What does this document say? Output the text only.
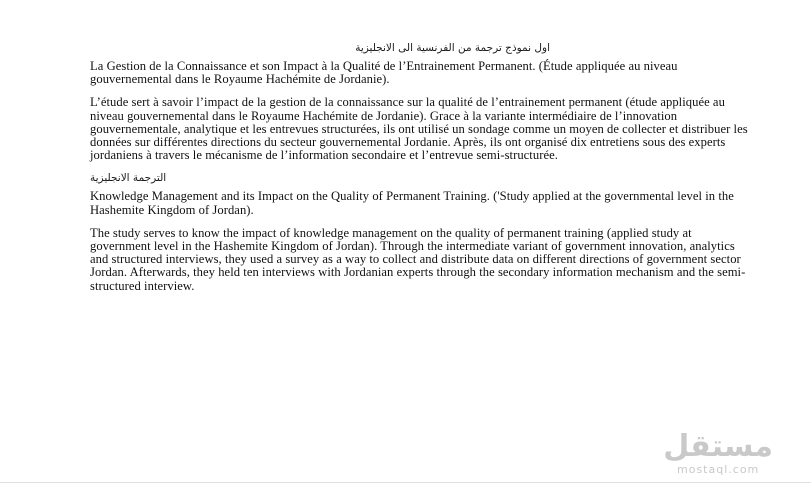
اول نموذج ترجمة من الفرنسية الى الانجليزية

La Gestion de la Connaissance et son Impact à la Qualité de l’Entrainement Permanent. (Étude appliquée au niveau gouvernemental dans le Royaume Hachémite de Jordanie).

L’étude sert à savoir l’impact de la gestion de la connaissance sur la qualité de l’entrainement permanent (étude appliquée au niveau gouvernemental dans le Royaume Hachémite de Jordanie). Grace à la variante intermédiaire de l’innovation gouvernementale, analytique et les entrevues structurées, ils ont utilisé un sondage comme un moyen de collecter et distribuer les données sur différentes directions du secteur gouvernemental Jordanie. Après, ils ont organisé dix entretiens sous des experts jordaniens à travers le mécanisme de l’information secondaire et l’entrevue semi-structurée.

الترجمة الانجليزية

Knowledge Management and its Impact on the Quality of Permanent Training. ('Study applied at the governmental level in the Hashemite Kingdom of Jordan).

The study serves to know the impact of knowledge management on the quality of permanent training (applied study at government level in the Hashemite Kingdom of Jordan). Through the intermediate variant of government innovation, analytics and structured interviews, they used a survey as a way to collect and distribute data on different directions of government sector Jordan. Afterwards, they held ten interviews with Jordanian experts through the secondary information mechanism and the semi-structured interview.

مستقل
mostaql.com
